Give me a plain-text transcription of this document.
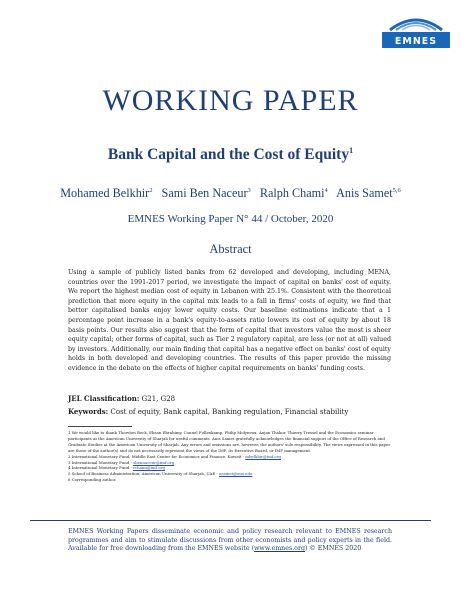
EMNES
WORKING PAPER
Bank Capital and the Cost of Equity$^1$
Mohamed Belkhir$^2$ Sami Ben Naceur$^3$ Ralph Chami$^4$ Anis Samet$^{5,6}$
EMNES Working Paper N° 44 / October, 2020
Abstract
Using a sample of publicly listed banks from 62 developed and developing, including MENA, countries over the 1991-2017 period, we investigate the impact of capital on banks' cost of equity. We report the highest median cost of equity in Lebanon with 25.1%. Consistent with the theoretical prediction that more equity in the capital mix leads to a fall in firms' costs of equity, we find that better capitalised banks enjoy lower equity costs. Our baseline estimations indicate that a 1 percentage point increase in a bank's equity-to-assets ratio lowers its cost of equity by about 18 basis points. Our results also suggest that the form of capital that investors value the most is sheer equity capital; other forms of capital, such as Tier 2 regulatory capital, are less (or not at all) valued by investors. Additionally, our main finding that capital has a negative effect on banks' cost of equity holds in both developed and developing countries. The results of this paper provide the missing evidence in the debate on the effects of higher capital requirements on banks' funding costs.
JEL Classification: G21, G28
Keywords: Cost of equity, Bank capital, Banking regulation, Financial stability

1 We would like to thank Thorsten Beck, Ehsan Ebrahimy, Connel Fullenkamp, Philip Molyneux, Anjan Thakor, Thierry Tressel and the Economics seminar participants at the American University of Sharjah for useful comments. Anis Samet gratefully acknowledges the financial support of the Office of Research and Graduate Studies at the American University of Sharjah. Any errors and omissions are, however, the authors' sole responsibility. The views expressed in this paper are those of the author(s) and do not necessarily represent the views of the IMF, its Executive Board, or IMF management.

2 International Monetary Fund, Middle East Center for Economics and Finance, Kuwait - mbelkhir@imf.org

3 International Monetary Fund - sbennaceur@imf.org

4 International Monetary Fund - rchami@imf.org

5 School of Business Administration, American University of Sharjah, UAE - asamet@aus.edu

6 Corresponding author.

EMNES Working Papers disseminate economic and policy research relevant to EMNES research programmes and aim to stimulate discussions from other economists and policy experts in the field. Available for free downloading from the EMNES website (www.emnes.org) © EMNES 2020
